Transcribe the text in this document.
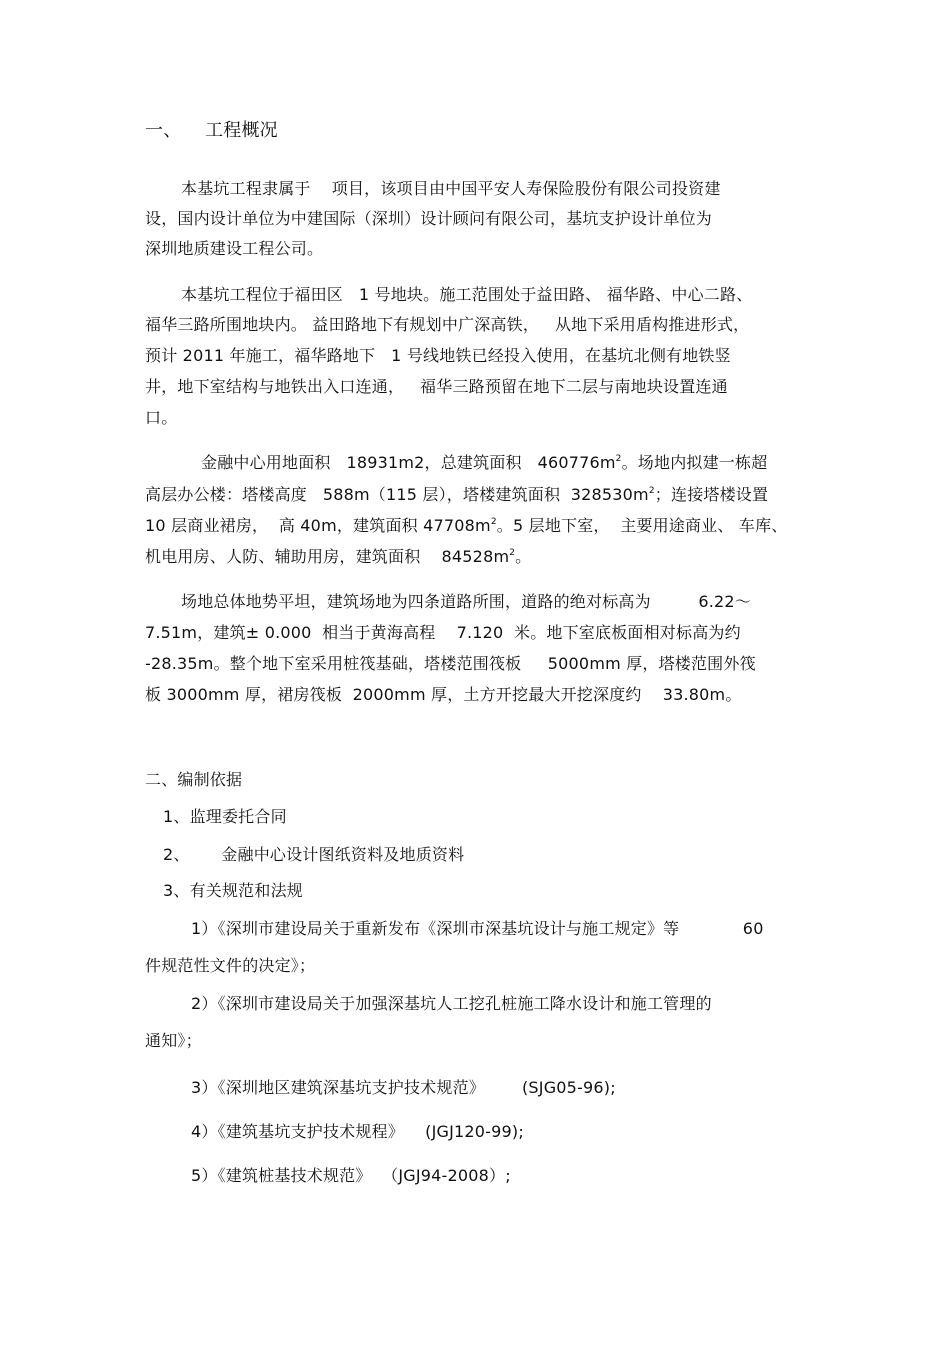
一、    工程概况
本基坑工程隶属于    项目，该项目由中国平安人寿保险股份有限公司投资建
设，国内设计单位为中建国际（深圳）设计顾问有限公司，基坑支护设计单位为
深圳地质建设工程公司。
本基坑工程位于福田区   1 号地块。施工范围处于益田路、 福华路、中心二路、
福华三路所围地块内。 益田路地下有规划中广深高铁，   从地下采用盾构推进形式，
预计 2011 年施工，福华路地下   1 号线地铁已经投入使用，在基坑北侧有地铁竖
井，地下室结构与地铁出入口连通，   福华三路预留在地下二层与南地块设置连通
口。
金融中心用地面积   18931m2，总建筑面积   $460776m^2$。场地内拟建一栋超
高层办公楼：塔楼高度   588m（115 层），塔楼建筑面积  $328530m^2$；连接塔楼设置
10 层商业裙房，  高 40m，建筑面积 $47708m^2$。5 层地下室，  主要用途商业、 车库、
机电用房、人防、辅助用房，建筑面积    $84528m^2$。
场地总体地势平坦，建筑场地为四条道路所围，道路的绝对标高为         6.22～
7.51m，建筑± 0.000  相当于黄海高程    7.120  米。地下室底板面相对标高为约
-28.35m。整个地下室采用桩筏基础，塔楼范围筏板     5000mm 厚，塔楼范围外筏
板 3000mm 厚，裙房筏板  2000mm 厚，土方开挖最大开挖深度约    33.80m。
二、编制依据
1、监理委托合同
2、      金融中心设计图纸资料及地质资料
3、有关规范和法规
1）《深圳市建设局关于重新发布《深圳市深基坑设计与施工规定》等            60
件规范性文件的决定》；
2）《深圳市建设局关于加强深基坑人工挖孔桩施工降水设计和施工管理的
通知》；
3）《深圳地区建筑深基坑支护技术规范》       (SJG05-96);
4）《建筑基坑支护技术规程》    (JGJ120-99);
5）《建筑桩基技术规范》  （JGJ94-2008）;
